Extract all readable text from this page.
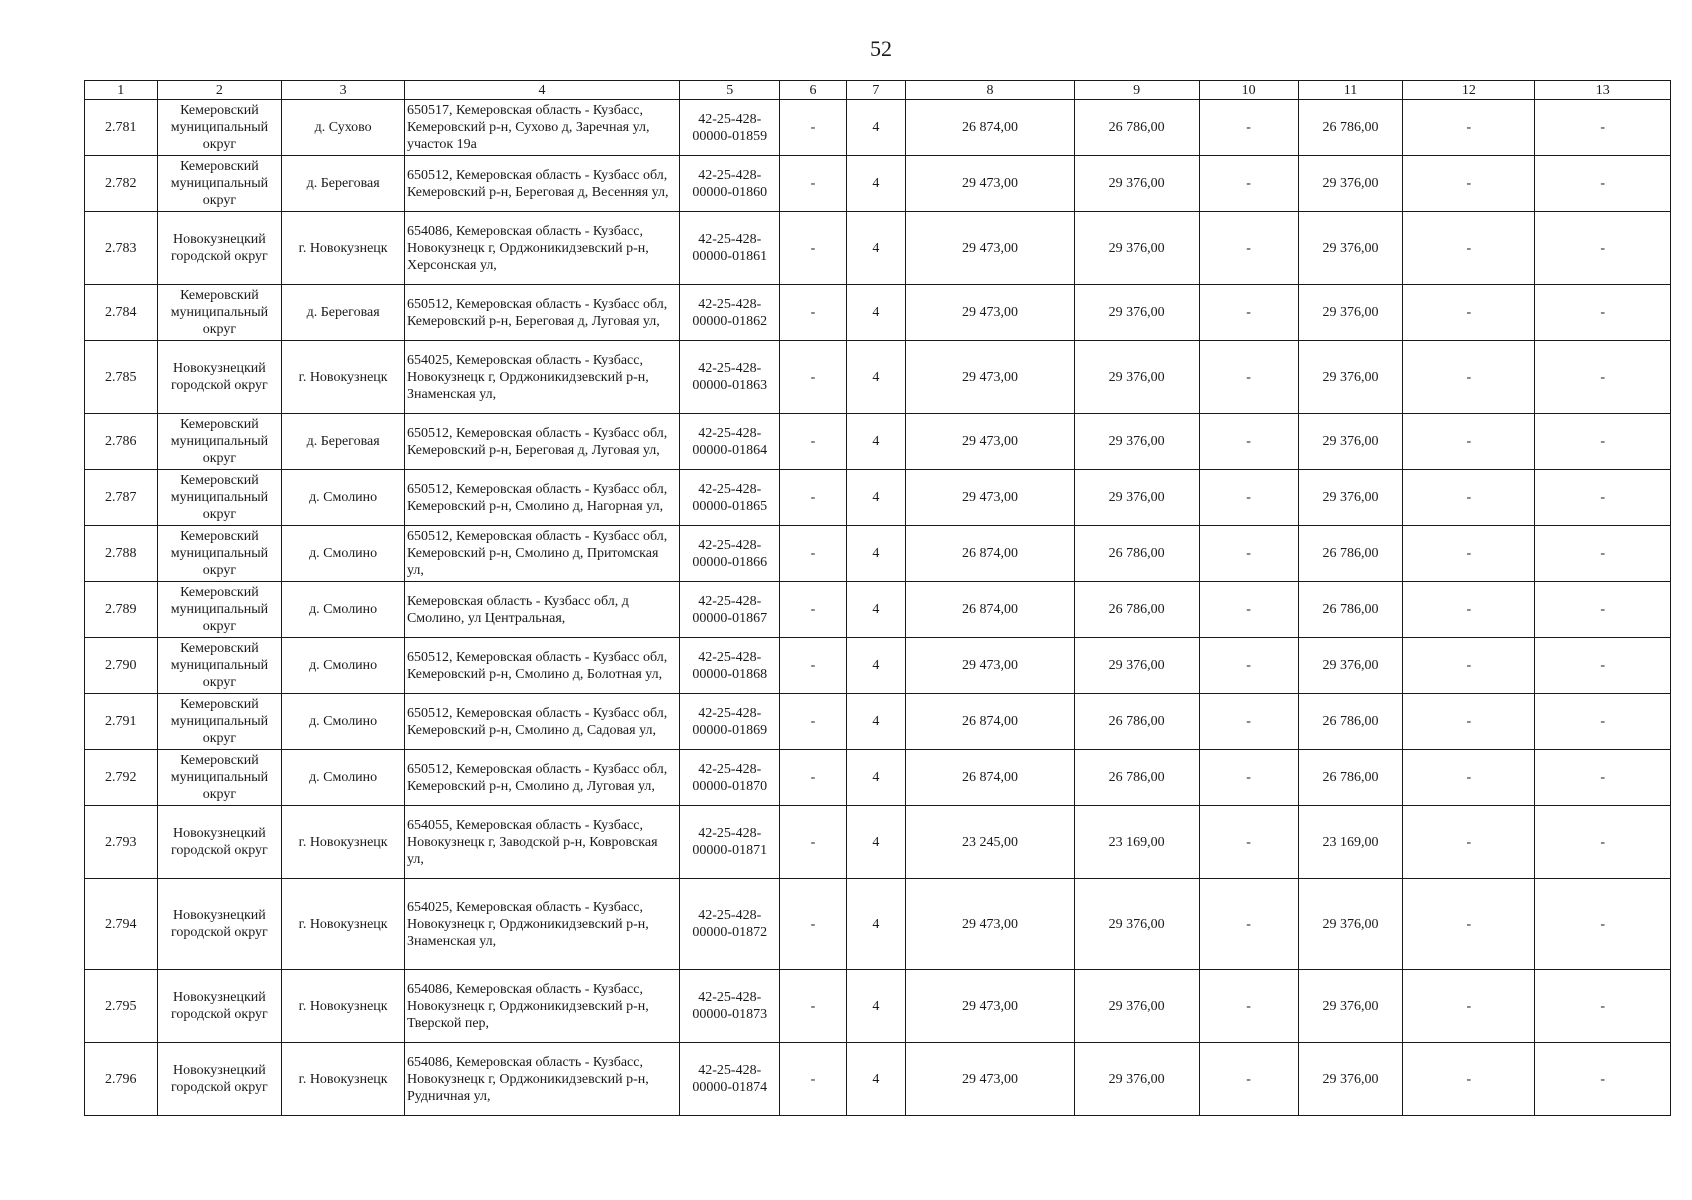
52
1	2	3	4	5	6	7	8	9	10	11	12	13
2.781	Кемеровский муниципальный округ	д. Сухово	650517, Кемеровская область - Кузбасс, Кемеровский р-н, Сухово д, Заречная ул, участок 19а	42-25-428-00000-01859	-	4	26 874,00	26 786,00	-	26 786,00	-	-
2.782	Кемеровский муниципальный округ	д. Береговая	650512, Кемеровская область - Кузбасс обл, Кемеровский р-н, Береговая д, Весенняя ул,	42-25-428-00000-01860	-	4	29 473,00	29 376,00	-	29 376,00	-	-
2.783	Новокузнецкий городской округ	г. Новокузнецк	654086, Кемеровская область - Кузбасс, Новокузнецк г, Орджоникидзевский р-н, Херсонская ул,	42-25-428-00000-01861	-	4	29 473,00	29 376,00	-	29 376,00	-	-
2.784	Кемеровский муниципальный округ	д. Береговая	650512, Кемеровская область - Кузбасс обл, Кемеровский р-н, Береговая д, Луговая ул,	42-25-428-00000-01862	-	4	29 473,00	29 376,00	-	29 376,00	-	-
2.785	Новокузнецкий городской округ	г. Новокузнецк	654025, Кемеровская область - Кузбасс, Новокузнецк г, Орджоникидзевский р-н, Знаменская ул,	42-25-428-00000-01863	-	4	29 473,00	29 376,00	-	29 376,00	-	-
2.786	Кемеровский муниципальный округ	д. Береговая	650512, Кемеровская область - Кузбасс обл, Кемеровский р-н, Береговая д, Луговая ул,	42-25-428-00000-01864	-	4	29 473,00	29 376,00	-	29 376,00	-	-
2.787	Кемеровский муниципальный округ	д. Смолино	650512, Кемеровская область - Кузбасс обл, Кемеровский р-н, Смолино д, Нагорная ул,	42-25-428-00000-01865	-	4	29 473,00	29 376,00	-	29 376,00	-	-
2.788	Кемеровский муниципальный округ	д. Смолино	650512, Кемеровская область - Кузбасс обл, Кемеровский р-н, Смолино д, Притомская ул,	42-25-428-00000-01866	-	4	26 874,00	26 786,00	-	26 786,00	-	-
2.789	Кемеровский муниципальный округ	д. Смолино	Кемеровская область - Кузбасс обл, д Смолино, ул Центральная,	42-25-428-00000-01867	-	4	26 874,00	26 786,00	-	26 786,00	-	-
2.790	Кемеровский муниципальный округ	д. Смолино	650512, Кемеровская область - Кузбасс обл, Кемеровский р-н, Смолино д, Болотная ул,	42-25-428-00000-01868	-	4	29 473,00	29 376,00	-	29 376,00	-	-
2.791	Кемеровский муниципальный округ	д. Смолино	650512, Кемеровская область - Кузбасс обл, Кемеровский р-н, Смолино д, Садовая ул,	42-25-428-00000-01869	-	4	26 874,00	26 786,00	-	26 786,00	-	-
2.792	Кемеровский муниципальный округ	д. Смолино	650512, Кемеровская область - Кузбасс обл, Кемеровский р-н, Смолино д, Луговая ул,	42-25-428-00000-01870	-	4	26 874,00	26 786,00	-	26 786,00	-	-
2.793	Новокузнецкий городской округ	г. Новокузнецк	654055, Кемеровская область - Кузбасс, Новокузнецк г, Заводской р-н, Ковровская ул,	42-25-428-00000-01871	-	4	23 245,00	23 169,00	-	23 169,00	-	-
2.794	Новокузнецкий городской округ	г. Новокузнецк	654025, Кемеровская область - Кузбасс, Новокузнецк г, Орджоникидзевский р-н, Знаменская ул,	42-25-428-00000-01872	-	4	29 473,00	29 376,00	-	29 376,00	-	-
2.795	Новокузнецкий городской округ	г. Новокузнецк	654086, Кемеровская область - Кузбасс, Новокузнецк г, Орджоникидзевский р-н, Тверской пер,	42-25-428-00000-01873	-	4	29 473,00	29 376,00	-	29 376,00	-	-
2.796	Новокузнецкий городской округ	г. Новокузнецк	654086, Кемеровская область - Кузбасс, Новокузнецк г, Орджоникидзевский р-н, Рудничная ул,	42-25-428-00000-01874	-	4	29 473,00	29 376,00	-	29 376,00	-	-
